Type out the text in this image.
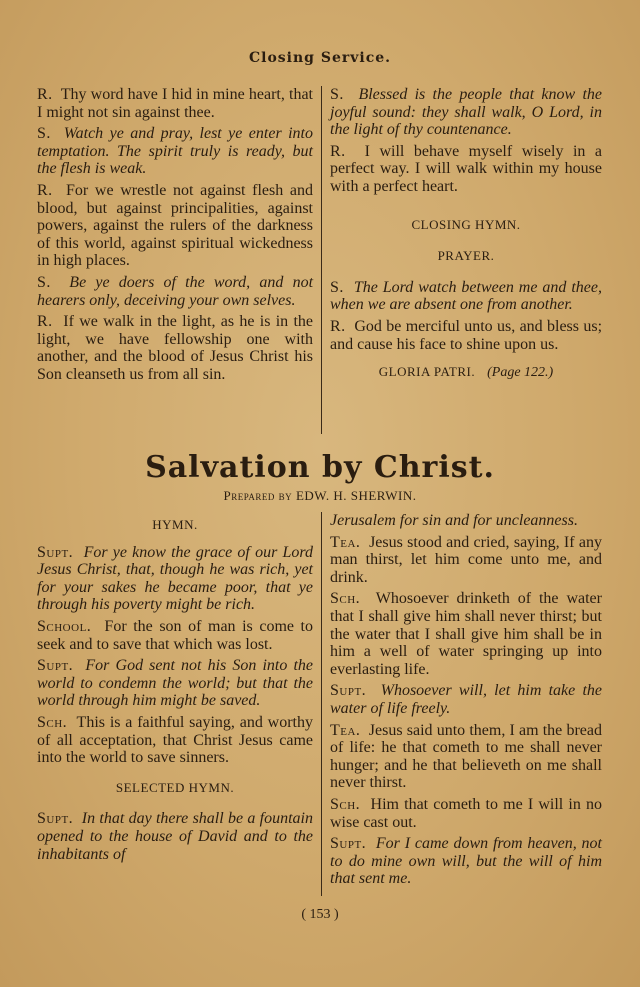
Closing Service.

R. Thy word have I hid in mine heart, that I might not sin against thee.

S. Watch ye and pray, lest ye enter into temptation. The spirit truly is ready, but the flesh is weak.

R. For we wrestle not against flesh and blood, but against principalities, against powers, against the rulers of the darkness of this world, against spiritual wickedness in high places.

S. Be ye doers of the word, and not hearers only, deceiving your own selves.

R. If we walk in the light, as he is in the light, we have fellowship one with another, and the blood of Jesus Christ his Son cleanseth us from all sin.

S. Blessed is the people that know the joyful sound: they shall walk, O Lord, in the light of thy countenance.

R. I will behave myself wisely in a perfect way. I will walk within my house with a perfect heart.

CLOSING HYMN.
PRAYER.

S. The Lord watch between me and thee, when we are absent one from another.

R. God be merciful unto us, and bless us; and cause his face to shine upon us.

GLORIA PATRI. (Page 122.)
Salvation by Christ.
Prepared by EDW. H. SHERWIN.
HYMN.

Supt. For ye know the grace of our Lord Jesus Christ, that, though he was rich, yet for your sakes he became poor, that ye through his poverty might be rich.

School. For the son of man is come to seek and to save that which was lost.

Supt. For God sent not his Son into the world to condemn the world; but that the world through him might be saved.

Sch. This is a faithful saying, and worthy of all acceptation, that Christ Jesus came into the world to save sinners.

SELECTED HYMN.

Supt. In that day there shall be a fountain opened to the house of David and to the inhabitants of

Jerusalem for sin and for uncleanness.

Tea. Jesus stood and cried, saying, If any man thirst, let him come unto me, and drink.

Sch. Whosoever drinketh of the water that I shall give him shall never thirst; but the water that I shall give him shall be in him a well of water springing up into everlasting life.

Supt. Whosoever will, let him take the water of life freely.

Tea. Jesus said unto them, I am the bread of life: he that cometh to me shall never hunger; and he that believeth on me shall never thirst.

Sch. Him that cometh to me I will in no wise cast out.

Supt. For I came down from heaven, not to do mine own will, but the will of him that sent me.

( 153 )
